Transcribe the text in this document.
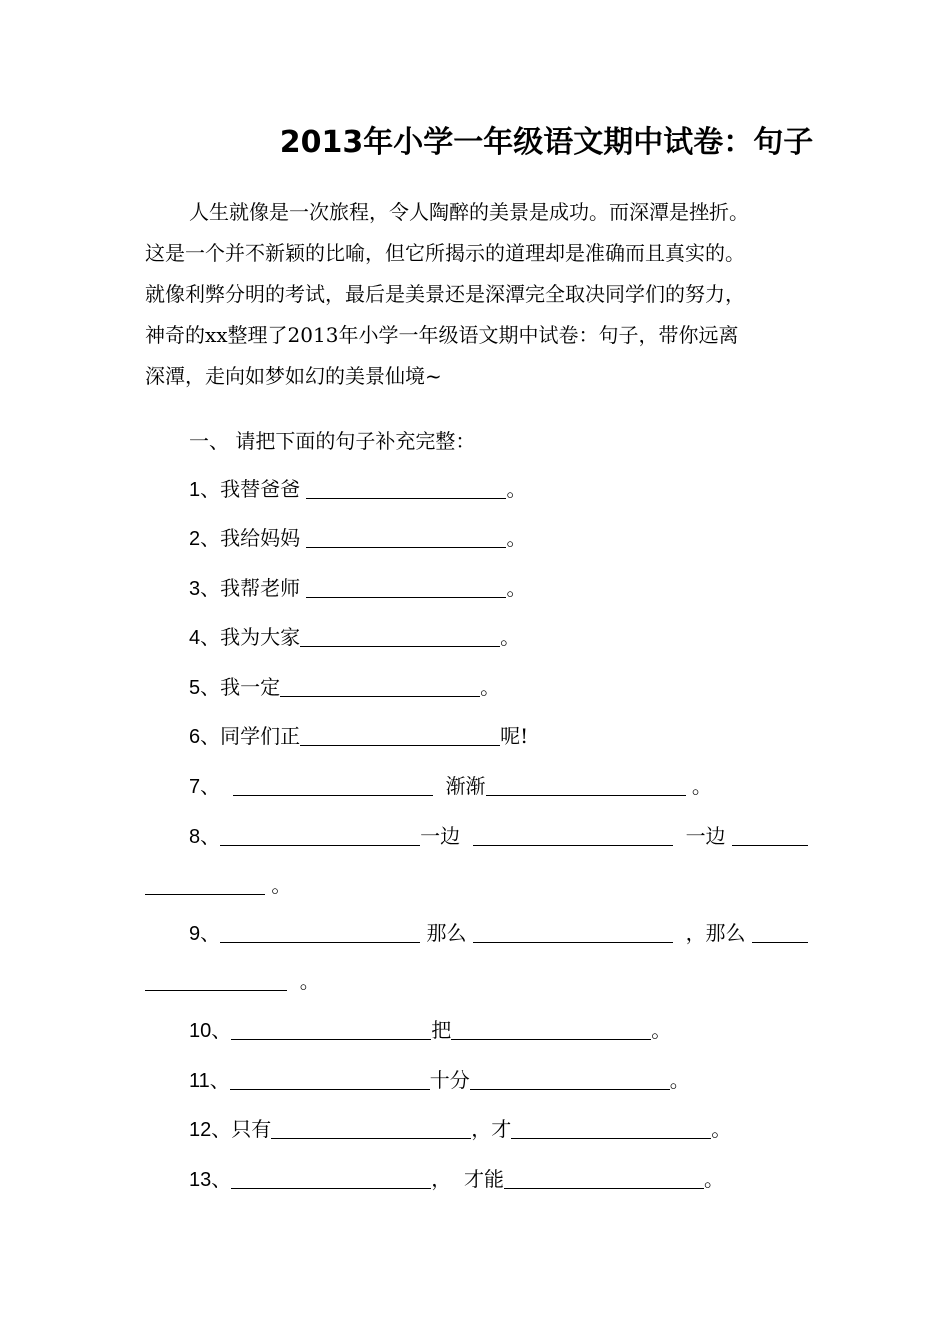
2013年小学一年级语文期中试卷：句子
人生就像是一次旅程，令人陶醉的美景是成功。而深潭是挫折。
这是一个并不新颖的比喻，但它所揭示的道理却是准确而且真实的。
就像利弊分明的考试，最后是美景还是深潭完全取决同学们的努力，
神奇的xx整理了2013年小学一年级语文期中试卷：句子，带你远离
深潭，走向如梦如幻的美景仙境~
一、 请把下面的句子补充完整：
1、我替爸爸	。
2、我给妈妈	。
3、我帮老师	。
4、我为大家	。
5、我一定	。
6、同学们正	呢!
7、	渐渐	。
8、	一边	一边
。
9、	那么	，那么
。
10、	把	。
11、	十分	。
12、只有	，才	。
13、	， 才能	。
